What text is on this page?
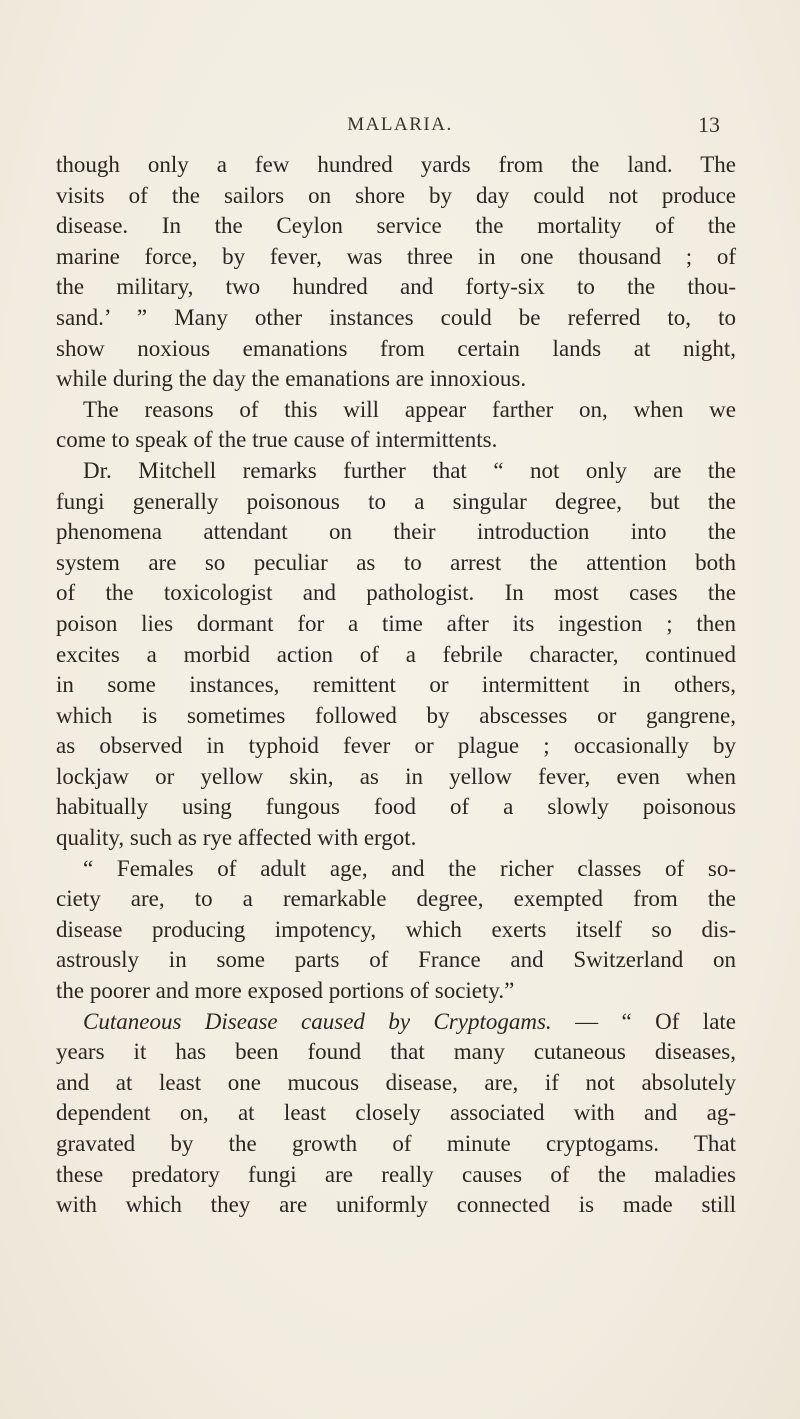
MALARIA.	13
though only a few hundred yards from the land. The
visits of the sailors on shore by day could not produce
disease. In the Ceylon service the mortality of the
marine force, by fever, was three in one thousand ; of
the military, two hundred and forty-six to the thou-
sand.’ ” Many other instances could be referred to, to
show noxious emanations from certain lands at night,
while during the day the emanations are innoxious.
The reasons of this will appear farther on, when we
come to speak of the true cause of intermittents.
Dr. Mitchell remarks further that “ not only are the
fungi generally poisonous to a singular degree, but the
phenomena attendant on their introduction into the
system are so peculiar as to arrest the attention both
of the toxicologist and pathologist. In most cases the
poison lies dormant for a time after its ingestion ; then
excites a morbid action of a febrile character, continued
in some instances, remittent or intermittent in others,
which is sometimes followed by abscesses or gangrene,
as observed in typhoid fever or plague ; occasionally by
lockjaw or yellow skin, as in yellow fever, even when
habitually using fungous food of a slowly poisonous
quality, such as rye affected with ergot.
“ Females of adult age, and the richer classes of so-
ciety are, to a remarkable degree, exempted from the
disease producing impotency, which exerts itself so dis-
astrously in some parts of France and Switzerland on
the poorer and more exposed portions of society.”
Cutaneous Disease caused by Cryptogams. — “ Of late
years it has been found that many cutaneous diseases,
and at least one mucous disease, are, if not absolutely
dependent on, at least closely associated with and ag-
gravated by the growth of minute cryptogams. That
these predatory fungi are really causes of the maladies
with which they are uniformly connected is made still
